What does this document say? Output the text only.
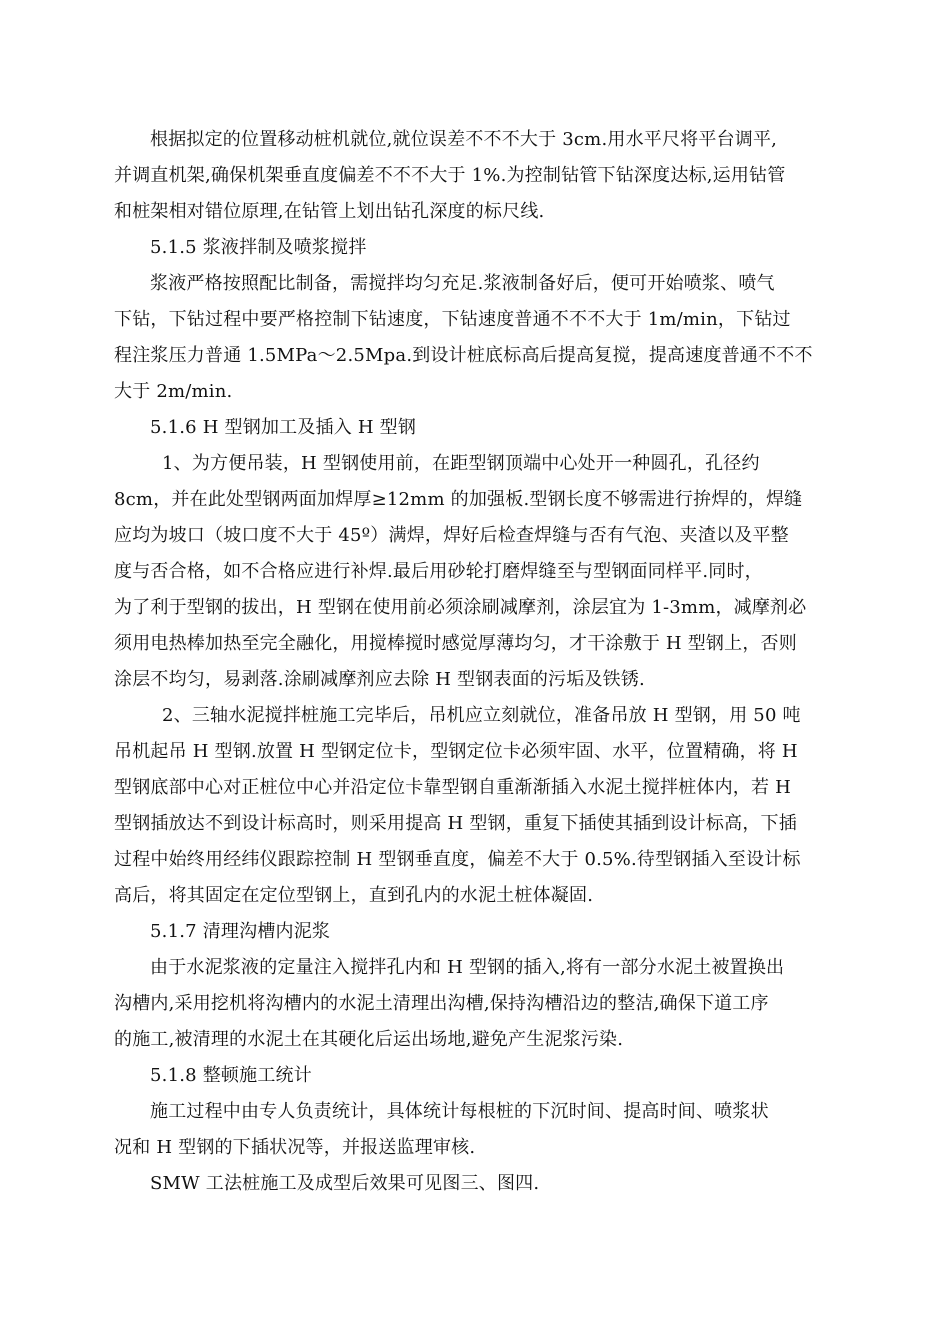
根据拟定的位置移动桩机就位,就位误差不不不大于 3cm.用水平尺将平台调平,
并调直机架,确保机架垂直度偏差不不不大于 1%.为控制钻管下钻深度达标,运用钻管
和桩架相对错位原理,在钻管上划出钻孔深度的标尺线.
5.1.5 浆液拌制及喷浆搅拌
浆液严格按照配比制备，需搅拌均匀充足.浆液制备好后，便可开始喷浆、喷气
下钻，下钻过程中要严格控制下钻速度，下钻速度普通不不不大于 1m/min，下钻过
程注浆压力普通 1.5MPa～2.5Mpa.到设计桩底标高后提高复搅，提高速度普通不不不
大于 2m/min.
5.1.6 H 型钢加工及插入 H 型钢
1、为方便吊装，H 型钢使用前，在距型钢顶端中心处开一种圆孔，孔径约
8cm，并在此处型钢两面加焊厚≥12mm 的加强板.型钢长度不够需进行拚焊的，焊缝
应均为坡口（坡口度不大于 45º）满焊，焊好后检查焊缝与否有气泡、夹渣以及平整
度与否合格，如不合格应进行补焊.最后用砂轮打磨焊缝至与型钢面同样平.同时，
为了利于型钢的拔出，H 型钢在使用前必须涂刷减摩剂，涂层宜为 1-3mm，减摩剂必
须用电热棒加热至完全融化，用搅棒搅时感觉厚薄均匀，才干涂敷于 H 型钢上，否则
涂层不均匀，易剥落.涂刷减摩剂应去除 H 型钢表面的污垢及铁锈.
2、三轴水泥搅拌桩施工完毕后，吊机应立刻就位，准备吊放 H 型钢，用 50 吨
吊机起吊 H 型钢.放置 H 型钢定位卡，型钢定位卡必须牢固、水平，位置精确，将 H
型钢底部中心对正桩位中心并沿定位卡靠型钢自重渐渐插入水泥土搅拌桩体内，若 H
型钢插放达不到设计标高时，则采用提高 H 型钢，重复下插使其插到设计标高，下插
过程中始终用经纬仪跟踪控制 H 型钢垂直度，偏差不大于 0.5%.待型钢插入至设计标
高后，将其固定在定位型钢上，直到孔内的水泥土桩体凝固.
5.1.7 清理沟槽内泥浆
由于水泥浆液的定量注入搅拌孔内和 H 型钢的插入,将有一部分水泥土被置换出
沟槽内,采用挖机将沟槽内的水泥土清理出沟槽,保持沟槽沿边的整洁,确保下道工序
的施工,被清理的水泥土在其硬化后运出场地,避免产生泥浆污染.
5.1.8 整顿施工统计
施工过程中由专人负责统计，具体统计每根桩的下沉时间、提高时间、喷浆状
况和 H 型钢的下插状况等，并报送监理审核.
SMW 工法桩施工及成型后效果可见图三、图四.
